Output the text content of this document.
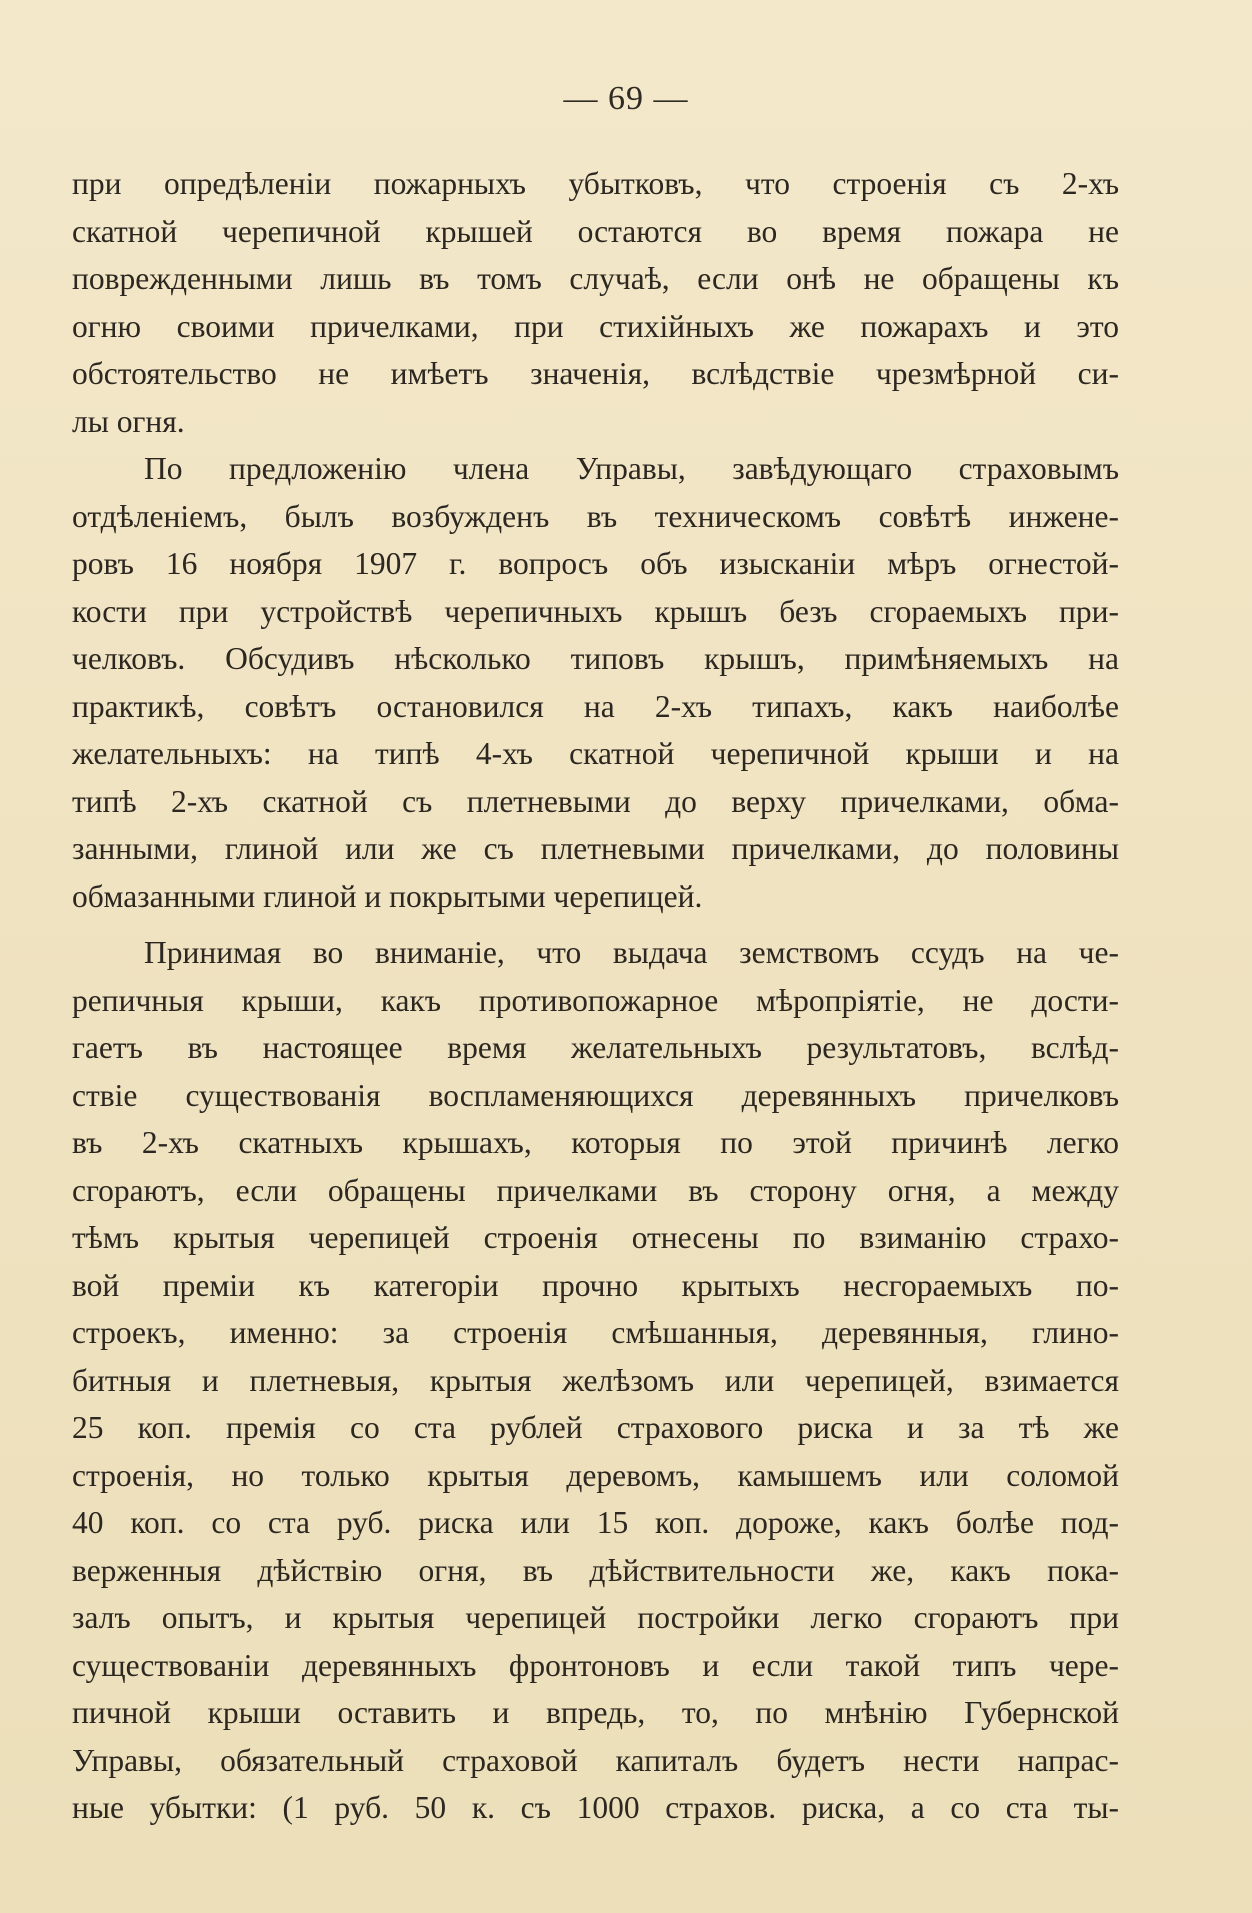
— 69 —
при опредѣленіи пожарныхъ убытковъ, что строенія съ 2-хъ
скатной черепичной крышей остаются во время пожара не
поврежденными лишь въ томъ случаѣ, если онѣ не обращены къ
огню своими причелками, при стихійныхъ же пожарахъ и это
обстоятельство не имѣетъ значенія, вслѣдствіе чрезмѣрной си-
лы огня.
По предложенію члена Управы, завѣдующаго страховымъ
отдѣленіемъ, былъ возбужденъ въ техническомъ совѣтѣ инжене-
ровъ 16 ноября 1907 г. вопросъ объ изысканіи мѣръ огнестой-
кости при устройствѣ черепичныхъ крышъ безъ сгораемыхъ при-
челковъ. Обсудивъ нѣсколько типовъ крышъ, примѣняемыхъ на
практикѣ, совѣтъ остановился на 2-хъ типахъ, какъ наиболѣе
желательныхъ: на типѣ 4-хъ скатной черепичной крыши и на
типѣ 2-хъ скатной съ плетневыми до верху причелками, обма-
занными, глиной или же съ плетневыми причелками, до половины
обмазанными глиной и покрытыми черепицей.
Принимая во вниманіе, что выдача земствомъ ссудъ на че-
репичныя крыши, какъ противопожарное мѣропріятіе, не дости-
гаетъ въ настоящее время желательныхъ результатовъ, вслѣд-
ствіе существованія воспламеняющихся деревянныхъ причелковъ
въ 2-хъ скатныхъ крышахъ, которыя по этой причинѣ легко
сгораютъ, если обращены причелками въ сторону огня, а между
тѣмъ крытыя черепицей строенія отнесены по взиманію страхо-
вой преміи къ категоріи прочно крытыхъ несгораемыхъ по-
строекъ, именно: за строенія смѣшанныя, деревянныя, глино-
битныя и плетневыя, крытыя желѣзомъ или черепицей, взимается
25 коп. премія со ста рублей страхового риска и за тѣ же
строенія, но только крытыя деревомъ, камышемъ или соломой
40 коп. со ста руб. риска или 15 коп. дороже, какъ болѣе под-
верженныя дѣйствію огня, въ дѣйствительности же, какъ пока-
залъ опытъ, и крытыя черепицей постройки легко сгораютъ при
существованіи деревянныхъ фронтоновъ и если такой типъ чере-
пичной крыши оставить и впредь, то, по мнѣнію Губернской
Управы, обязательный страховой капиталъ будетъ нести напрас-
ные убытки: (1 руб. 50 к. съ 1000 страхов. риска, а со ста ты-
